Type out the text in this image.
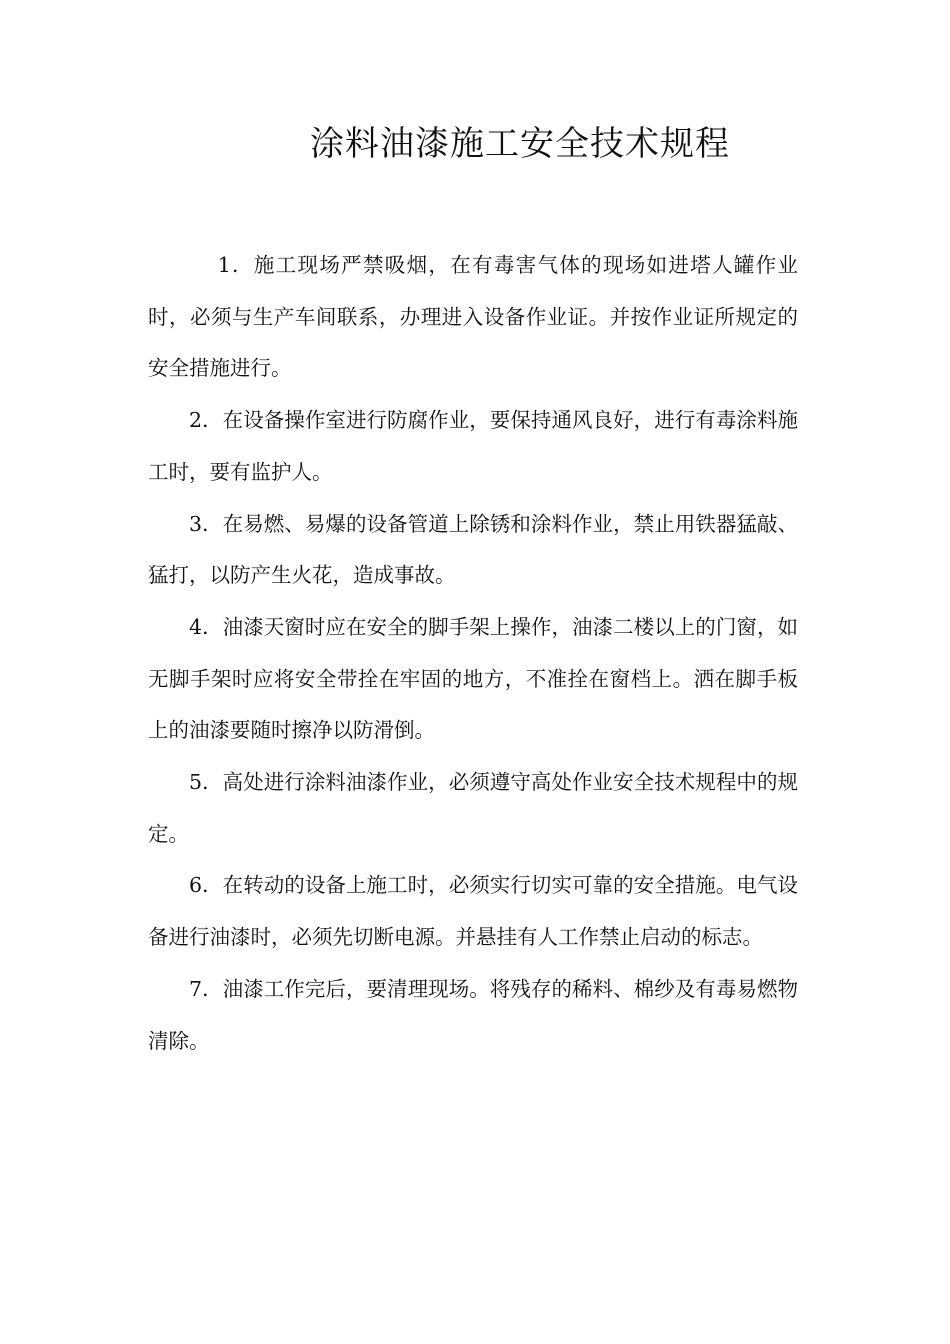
涂料油漆施工安全技术规程

1．施工现场严禁吸烟，在有毒害气体的现场如进塔人罐作业时，必须与生产车间联系，办理进入设备作业证。并按作业证所规定的安全措施进行。

2．在设备操作室进行防腐作业，要保持通风良好，进行有毒涂料施工时，要有监护人。

3．在易燃、易爆的设备管道上除锈和涂料作业，禁止用铁器猛敲、猛打，以防产生火花，造成事故。

4．油漆天窗时应在安全的脚手架上操作，油漆二楼以上的门窗，如无脚手架时应将安全带拴在牢固的地方，不准拴在窗档上。洒在脚手板上的油漆要随时擦净以防滑倒。

5．高处进行涂料油漆作业，必须遵守高处作业安全技术规程中的规定。

6．在转动的设备上施工时，必须实行切实可靠的安全措施。电气设备进行油漆时，必须先切断电源。并悬挂有人工作禁止启动的标志。

7．油漆工作完后，要清理现场。将残存的稀料、棉纱及有毒易燃物清除。
